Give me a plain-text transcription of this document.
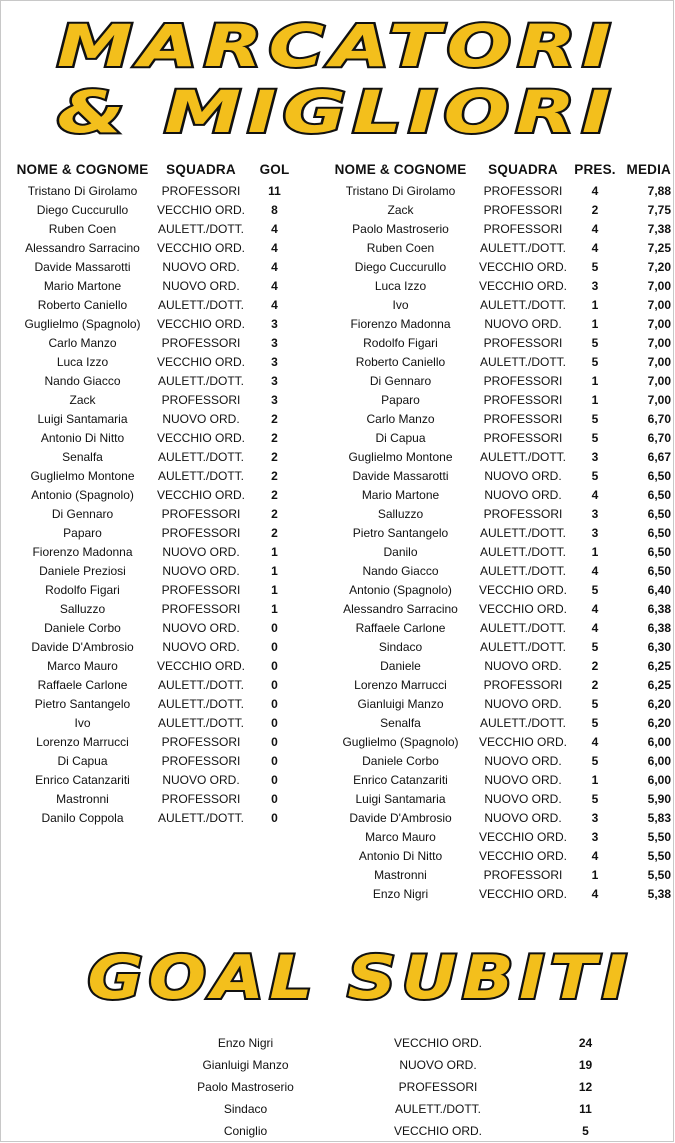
MARCATORI
& MIGLIORI
NOME & COGNOME	SQUADRA	GOL
Tristano Di Girolamo	PROFESSORI	11
Diego Cuccurullo	VECCHIO ORD.	8
Ruben Coen	AULETT./DOTT.	4
Alessandro Sarracino	VECCHIO ORD.	4
Davide Massarotti	NUOVO ORD.	4
Mario Martone	NUOVO ORD.	4
Roberto Caniello	AULETT./DOTT.	4
Guglielmo (Spagnolo)	VECCHIO ORD.	3
Carlo Manzo	PROFESSORI	3
Luca Izzo	VECCHIO ORD.	3
Nando Giacco	AULETT./DOTT.	3
Zack	PROFESSORI	3
Luigi Santamaria	NUOVO ORD.	2
Antonio Di Nitto	VECCHIO ORD.	2
Senalfa	AULETT./DOTT.	2
Guglielmo Montone	AULETT./DOTT.	2
Antonio (Spagnolo)	VECCHIO ORD.	2
Di Gennaro	PROFESSORI	2
Paparo	PROFESSORI	2
Fiorenzo Madonna	NUOVO ORD.	1
Daniele Preziosi	NUOVO ORD.	1
Rodolfo Figari	PROFESSORI	1
Salluzzo	PROFESSORI	1
Daniele Corbo	NUOVO ORD.	0
Davide D'Ambrosio	NUOVO ORD.	0
Marco Mauro	VECCHIO ORD.	0
Raffaele Carlone	AULETT./DOTT.	0
Pietro Santangelo	AULETT./DOTT.	0
Ivo	AULETT./DOTT.	0
Lorenzo Marrucci	PROFESSORI	0
Di Capua	PROFESSORI	0
Enrico Catanzariti	NUOVO ORD.	0
Mastronni	PROFESSORI	0
Danilo Coppola	AULETT./DOTT.	0
NOME & COGNOME	SQUADRA	PRES.	MEDIA
Tristano Di Girolamo	PROFESSORI	4	7,88
Zack	PROFESSORI	2	7,75
Paolo Mastroserio	PROFESSORI	4	7,38
Ruben Coen	AULETT./DOTT.	4	7,25
Diego Cuccurullo	VECCHIO ORD.	5	7,20
Luca Izzo	VECCHIO ORD.	3	7,00
Ivo	AULETT./DOTT.	1	7,00
Fiorenzo Madonna	NUOVO ORD.	1	7,00
Rodolfo Figari	PROFESSORI	5	7,00
Roberto Caniello	AULETT./DOTT.	5	7,00
Di Gennaro	PROFESSORI	1	7,00
Paparo	PROFESSORI	1	7,00
Carlo Manzo	PROFESSORI	5	6,70
Di Capua	PROFESSORI	5	6,70
Guglielmo Montone	AULETT./DOTT.	3	6,67
Davide Massarotti	NUOVO ORD.	5	6,50
Mario Martone	NUOVO ORD.	4	6,50
Salluzzo	PROFESSORI	3	6,50
Pietro Santangelo	AULETT./DOTT.	3	6,50
Danilo	AULETT./DOTT.	1	6,50
Nando Giacco	AULETT./DOTT.	4	6,50
Antonio (Spagnolo)	VECCHIO ORD.	5	6,40
Alessandro Sarracino	VECCHIO ORD.	4	6,38
Raffaele Carlone	AULETT./DOTT.	4	6,38
Sindaco	AULETT./DOTT.	5	6,30
Daniele	NUOVO ORD.	2	6,25
Lorenzo Marrucci	PROFESSORI	2	6,25
Gianluigi Manzo	NUOVO ORD.	5	6,20
Senalfa	AULETT./DOTT.	5	6,20
Guglielmo (Spagnolo)	VECCHIO ORD.	4	6,00
Daniele Corbo	NUOVO ORD.	5	6,00
Enrico Catanzariti	NUOVO ORD.	1	6,00
Luigi Santamaria	NUOVO ORD.	5	5,90
Davide D'Ambrosio	NUOVO ORD.	3	5,83
Marco Mauro	VECCHIO ORD.	3	5,50
Antonio Di Nitto	VECCHIO ORD.	4	5,50
Mastronni	PROFESSORI	1	5,50
Enzo Nigri	VECCHIO ORD.	4	5,38
GOAL SUBITI
Enzo Nigri	VECCHIO ORD.	24
Gianluigi Manzo	NUOVO ORD.	19
Paolo Mastroserio	PROFESSORI	12
Sindaco	AULETT./DOTT.	11
Coniglio	VECCHIO ORD.	5
